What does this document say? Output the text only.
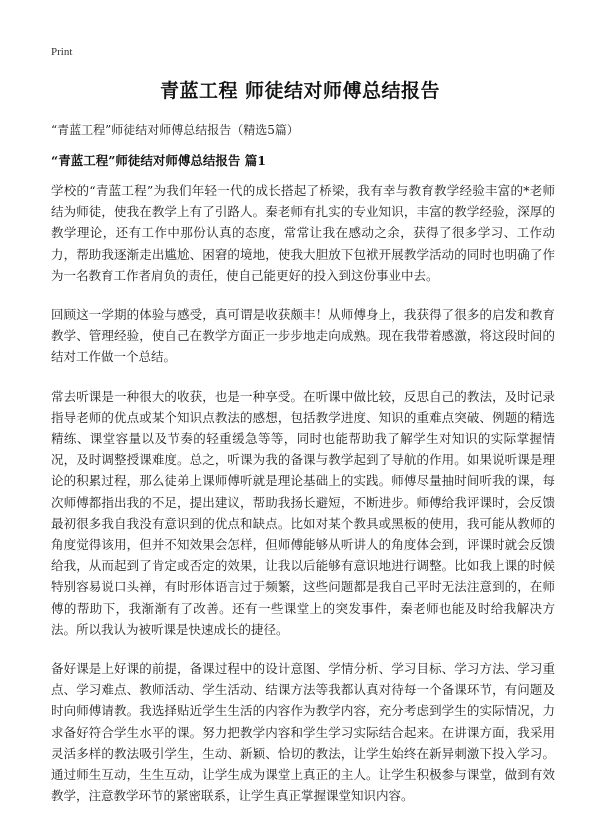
Print
青蓝工程 师徒结对师傅总结报告
“青蓝工程”师徒结对师傅总结报告（精选5篇）
“青蓝工程”师徒结对师傅总结报告 篇1

学校的“青蓝工程”为我们年轻一代的成长搭起了桥梁，我有幸与教育教学经验丰富的*老师结为师徒，使我在教学上有了引路人。秦老师有扎实的专业知识，丰富的教学经验，深厚的教学理论，还有工作中那份认真的态度，常常让我在感动之余，获得了很多学习、工作动力，帮助我逐渐走出尴尬、困窘的境地，使我大胆放下包袱开展教学活动的同时也明确了作为一名教育工作者肩负的责任，使自己能更好的投入到这份事业中去。

回顾这一学期的体验与感受，真可谓是收获颇丰！从师傅身上，我获得了很多的启发和教育教学、管理经验，使自己在教学方面正一步步地走向成熟。现在我带着感激，将这段时间的结对工作做一个总结。

常去听课是一种很大的收获，也是一种享受。在听课中做比较，反思自己的教法，及时记录指导老师的优点或某个知识点教法的感想，包括教学进度、知识的重难点突破、例题的精选精练、课堂容量以及节奏的轻重缓急等等，同时也能帮助我了解学生对知识的实际掌握情况，及时调整授课难度。总之，听课为我的备课与教学起到了导航的作用。如果说听课是理论的积累过程，那么徒弟上课师傅听就是理论基础上的实践。师傅尽量抽时间听我的课，每次师傅都指出我的不足，提出建议，帮助我扬长避短，不断进步。师傅给我评课时，会反馈最初很多我自我没有意识到的优点和缺点。比如对某个教具或黑板的使用，我可能从教师的角度觉得该用，但并不知效果会怎样，但师傅能够从听讲人的角度体会到，评课时就会反馈给我，从而起到了肯定或否定的效果，让我以后能够有意识地进行调整。比如我上课的时候特别容易说口头禅，有时形体语言过于频繁，这些问题都是我自己平时无法注意到的，在师傅的帮助下，我渐渐有了改善。还有一些课堂上的突发事件，秦老师也能及时给我解决方法。所以我认为被听课是快速成长的捷径。

备好课是上好课的前提，备课过程中的设计意图、学情分析、学习目标、学习方法、学习重点、学习难点、教师活动、学生活动、结课方法等我都认真对待每一个备课环节，有问题及时向师傅请教。我选择贴近学生生活的内容作为教学内容，充分考虑到学生的实际情况，力求备好符合学生水平的课。努力把教学内容和学生学习实际结合起来。在讲课方面，我采用灵活多样的教法吸引学生，生动、新颖、恰切的教法，让学生始终在新异刺激下投入学习。通过师生互动，生生互动，让学生成为课堂上真正的主人。让学生积极参与课堂，做到有效教学，注意教学环节的紧密联系，让学生真正掌握课堂知识内容。
